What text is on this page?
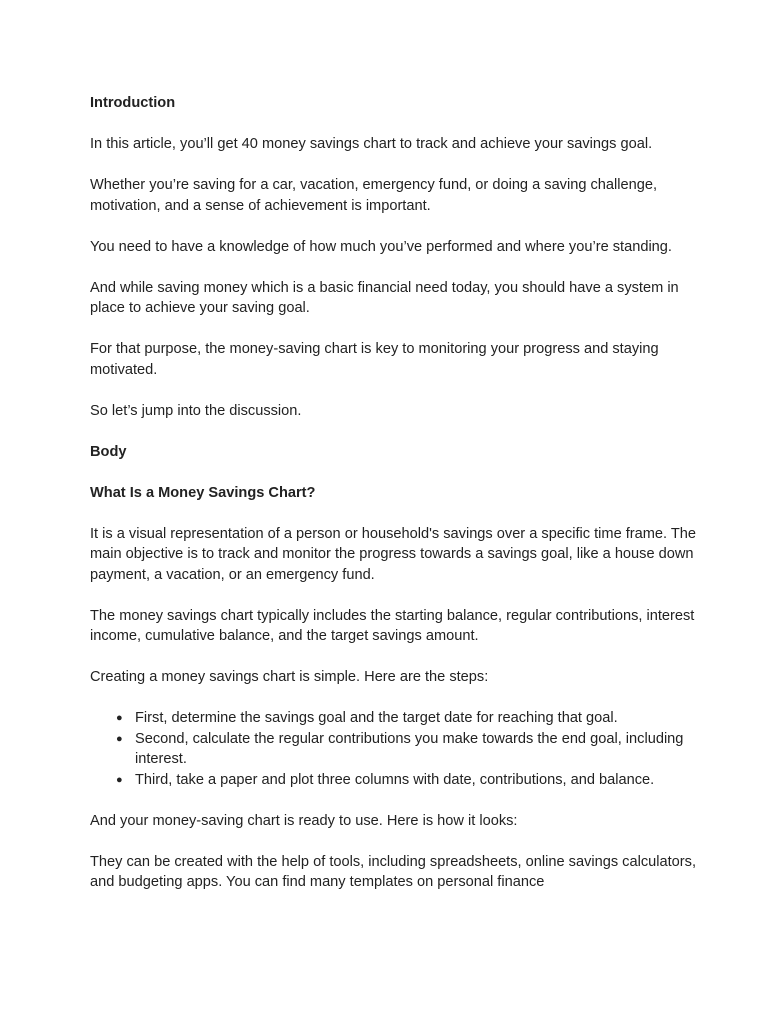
Introduction
In this article, you’ll get 40 money savings chart to track and achieve your savings goal.
Whether you’re saving for a car, vacation, emergency fund, or doing a saving challenge, motivation, and a sense of achievement is important.
You need to have a knowledge of how much you’ve performed and where you’re standing.
And while saving money which is a basic financial need today, you should have a system in place to achieve your saving goal.
For that purpose, the money-saving chart is key to monitoring your progress and staying motivated.
So let’s jump into the discussion.
Body
What Is a Money Savings Chart?
It is a visual representation of a person or household's savings over a specific time frame. The main objective is to track and monitor the progress towards a savings goal, like a house down payment, a vacation, or an emergency fund.
The money savings chart typically includes the starting balance, regular contributions, interest income, cumulative balance, and the target savings amount.
Creating a money savings chart is simple. Here are the steps:
● First, determine the savings goal and the target date for reaching that goal.
● Second, calculate the regular contributions you make towards the end goal, including interest.
● Third, take a paper and plot three columns with date, contributions, and balance.
And your money-saving chart is ready to use. Here is how it looks:
They can be created with the help of tools, including spreadsheets, online savings calculators, and budgeting apps. You can find many templates on personal finance
